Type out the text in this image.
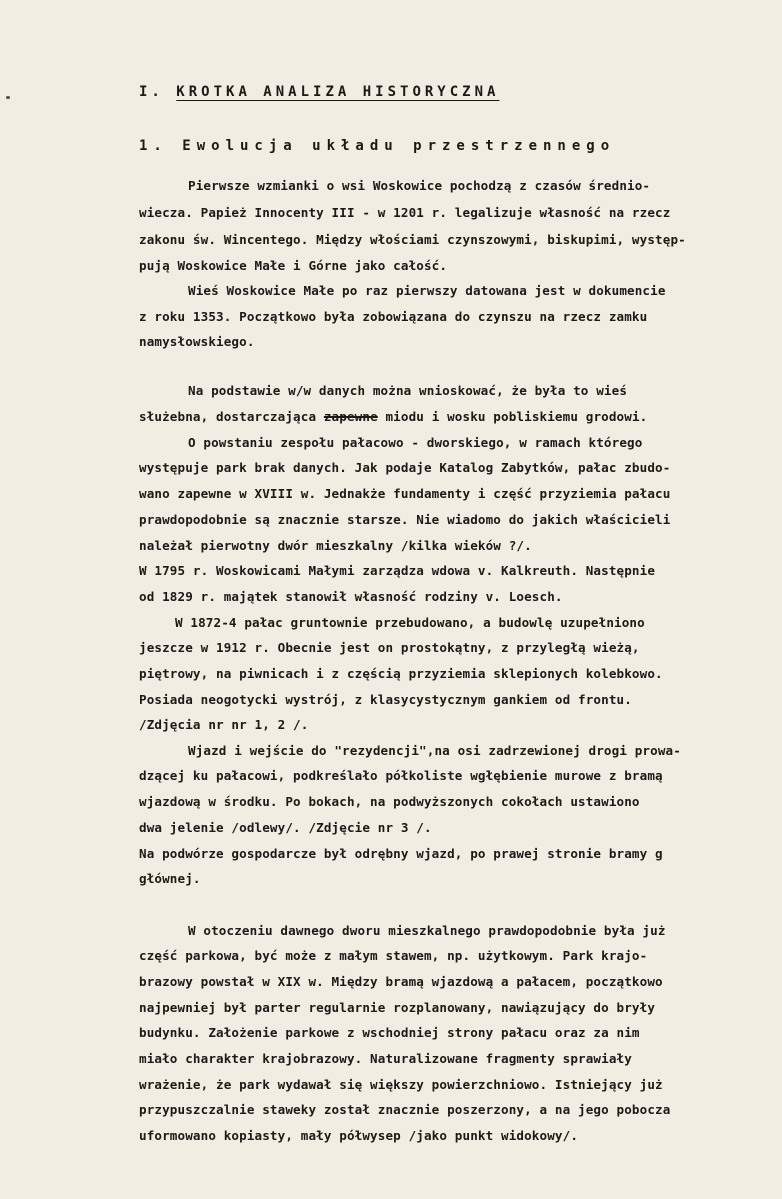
I. KROTKA ANALIZA HISTORYCZNA
1. Ewolucja układu przestrzennego
Pierwsze wzmianki o wsi Woskowice pochodzą z czasów średnio-
wiecza. Papież Innocenty III - w 1201 r. legalizuje własność na rzecz
zakonu św. Wincentego. Między włościami czynszowymi, biskupimi, występ-
pują Woskowice Małe i Górne jako całość.
Wieś Woskowice Małe po raz pierwszy datowana jest w dokumencie
z roku 1353. Początkowo była zobowiązana do czynszu na rzecz zamku
namysłowskiego.
Na podstawie w/w danych można wnioskować, że była to wieś
służebna, dostarczająca zapewne miodu i wosku pobliskiemu grodowi.
O powstaniu zespołu pałacowo - dworskiego, w ramach którego
występuje park brak danych. Jak podaje Katalog Zabytków, pałac zbudo-
wano zapewne w XVIII w. Jednakże fundamenty i część przyziemia pałacu
prawdopodobnie są znacznie starsze. Nie wiadomo do jakich właścicieli
należał pierwotny dwór mieszkalny /kilka wieków ?/.
W 1795 r. Woskowicami Małymi zarządza wdowa v. Kalkreuth. Następnie
od 1829 r. majątek stanowił własność rodziny v. Loesch.
W 1872-4 pałac gruntownie przebudowano, a budowlę uzupełniono
jeszcze w 1912 r. Obecnie jest on prostokątny, z przyległą wieżą,
piętrowy, na piwnicach i z częścią przyziemia sklepionych kolebkowo.
Posiada neogotycki wystrój, z klasycystycznym gankiem od frontu.
/Zdjęcia nr nr 1, 2 /.
Wjazd i wejście do "rezydencji",na osi zadrzewionej drogi prowa-
dzącej ku pałacowi, podkreślało półkoliste wgłębienie murowe z bramą
wjazdową w środku. Po bokach, na podwyższonych cokołach ustawiono
dwa jelenie /odlewy/. /Zdjęcie nr 3 /.
Na podwórze gospodarcze był odrębny wjazd, po prawej stronie bramy g
głównej.
W otoczeniu dawnego dworu mieszkalnego prawdopodobnie była już
część parkowa, być może z małym stawem, np. użytkowym. Park krajo-
brazowy powstał w XIX w. Między bramą wjazdową a pałacem, początkowo
najpewniej był parter regularnie rozplanowany, nawiązujący do bryły
budynku. Założenie parkowe z wschodniej strony pałacu oraz za nim
miało charakter krajobrazowy. Naturalizowane fragmenty sprawiały
wrażenie, że park wydawał się większy powierzchniowo. Istniejący już
przypuszczalnie staweky został znacznie poszerzony, a na jego pobocza
uformowano kopiasty, mały półwysep /jako punkt widokowy/.
